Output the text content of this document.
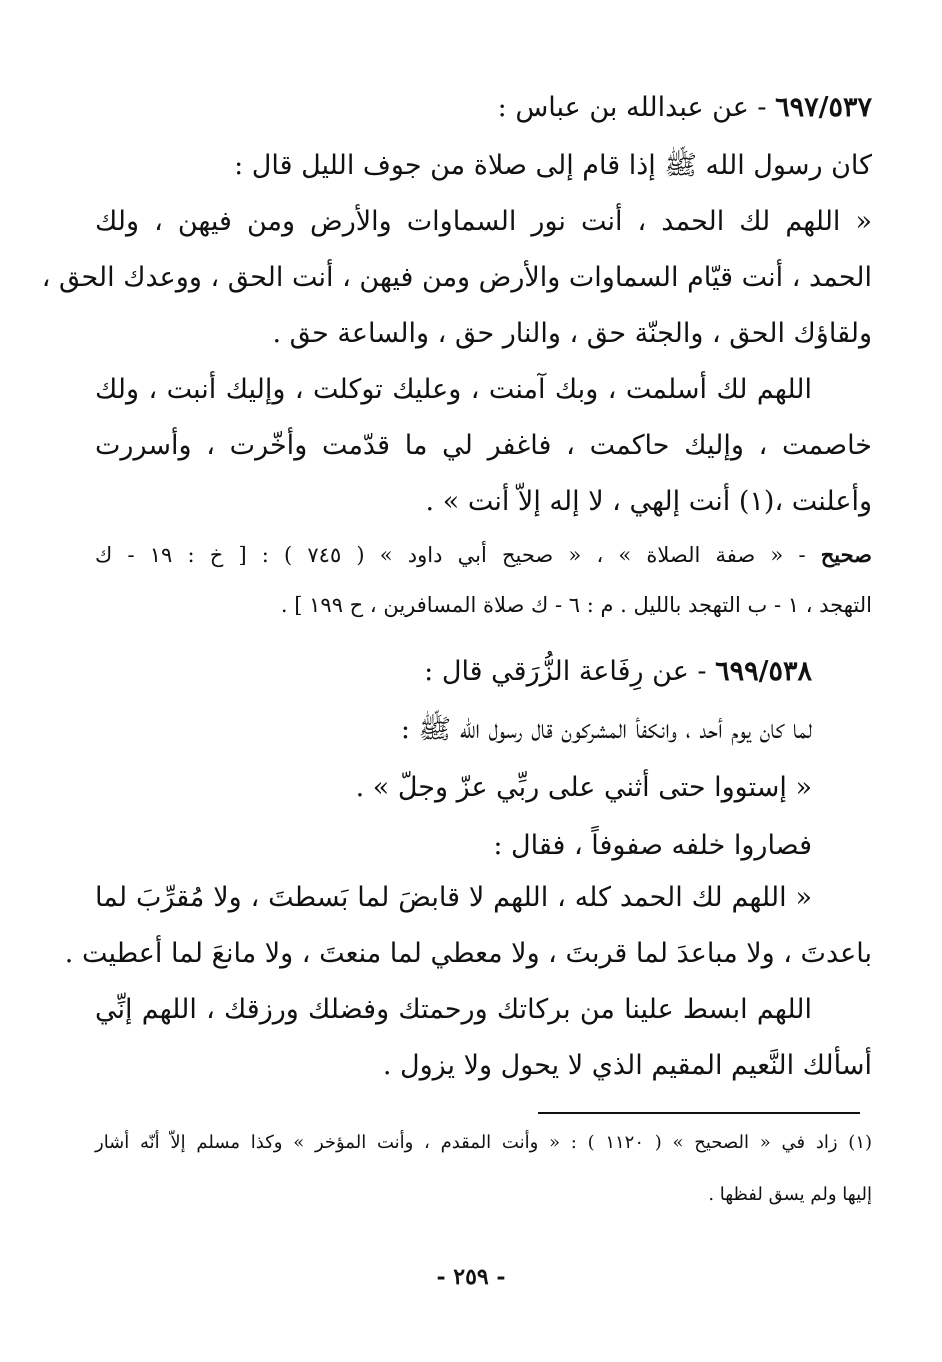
٦٩٧/٥٣٧ - عن عبدالله بن عباس :

كان رسول الله ﷺ إذا قام إلى صلاة من جوف الليل قال :

« اللهم لك الحمد ، أنت نور السماوات والأرض ومن فيهن ، ولك

الحمد ، أنت قيّام السماوات والأرض ومن فيهن ، أنت الحق ، ووعدك الحق ،

ولقاؤك الحق ، والجنّة حق ، والنار حق ، والساعة حق .

اللهم لك أسلمت ، وبك آمنت ، وعليك توكلت ، وإليك أنبت ، ولك

خاصمت ، وإليك حاكمت ، فاغفر لي ما قدّمت وأخّرت ، وأسررت

وأعلنت ،(١) أنت إلهي ، لا إله إلاّ أنت » .

صحيح - « صفة الصلاة » ، « صحيح أبي داود » ( ٧٤٥ ) : [ خ : ١٩ - ك

التهجد ، ١ - ب التهجد بالليل . م : ٦ - ك صلاة المسافرين ، ح ١٩٩ ] .

٦٩٩/٥٣٨ - عن رِفَاعة الزُّرَقي قال :

لما كان يوم أحد ، وانكفأ المشركون قال رسول الله ﷺ :

« إستووا حتى أثني على ربِّي عزّ وجلّ » .

فصاروا خلفه صفوفاً ، فقال :

« اللهم لك الحمد كله ، اللهم لا قابضَ لما بَسطتَ ، ولا مُقرِّبَ لما

باعدتَ ، ولا مباعدَ لما قربتَ ، ولا معطي لما منعتَ ، ولا مانعَ لما أعطيت .

اللهم ابسط علينا من بركاتك ورحمتك وفضلك ورزقك ، اللهم إنِّي

أسألك النَّعيم المقيم الذي لا يحول ولا يزول .

(١) زاد في « الصحيح » ( ١١٢٠ ) : « وأنت المقدم ، وأنت المؤخر » وكذا مسلم إلاّ أنّه أشار

إليها ولم يسق لفظها .

- ٢٥٩ -
